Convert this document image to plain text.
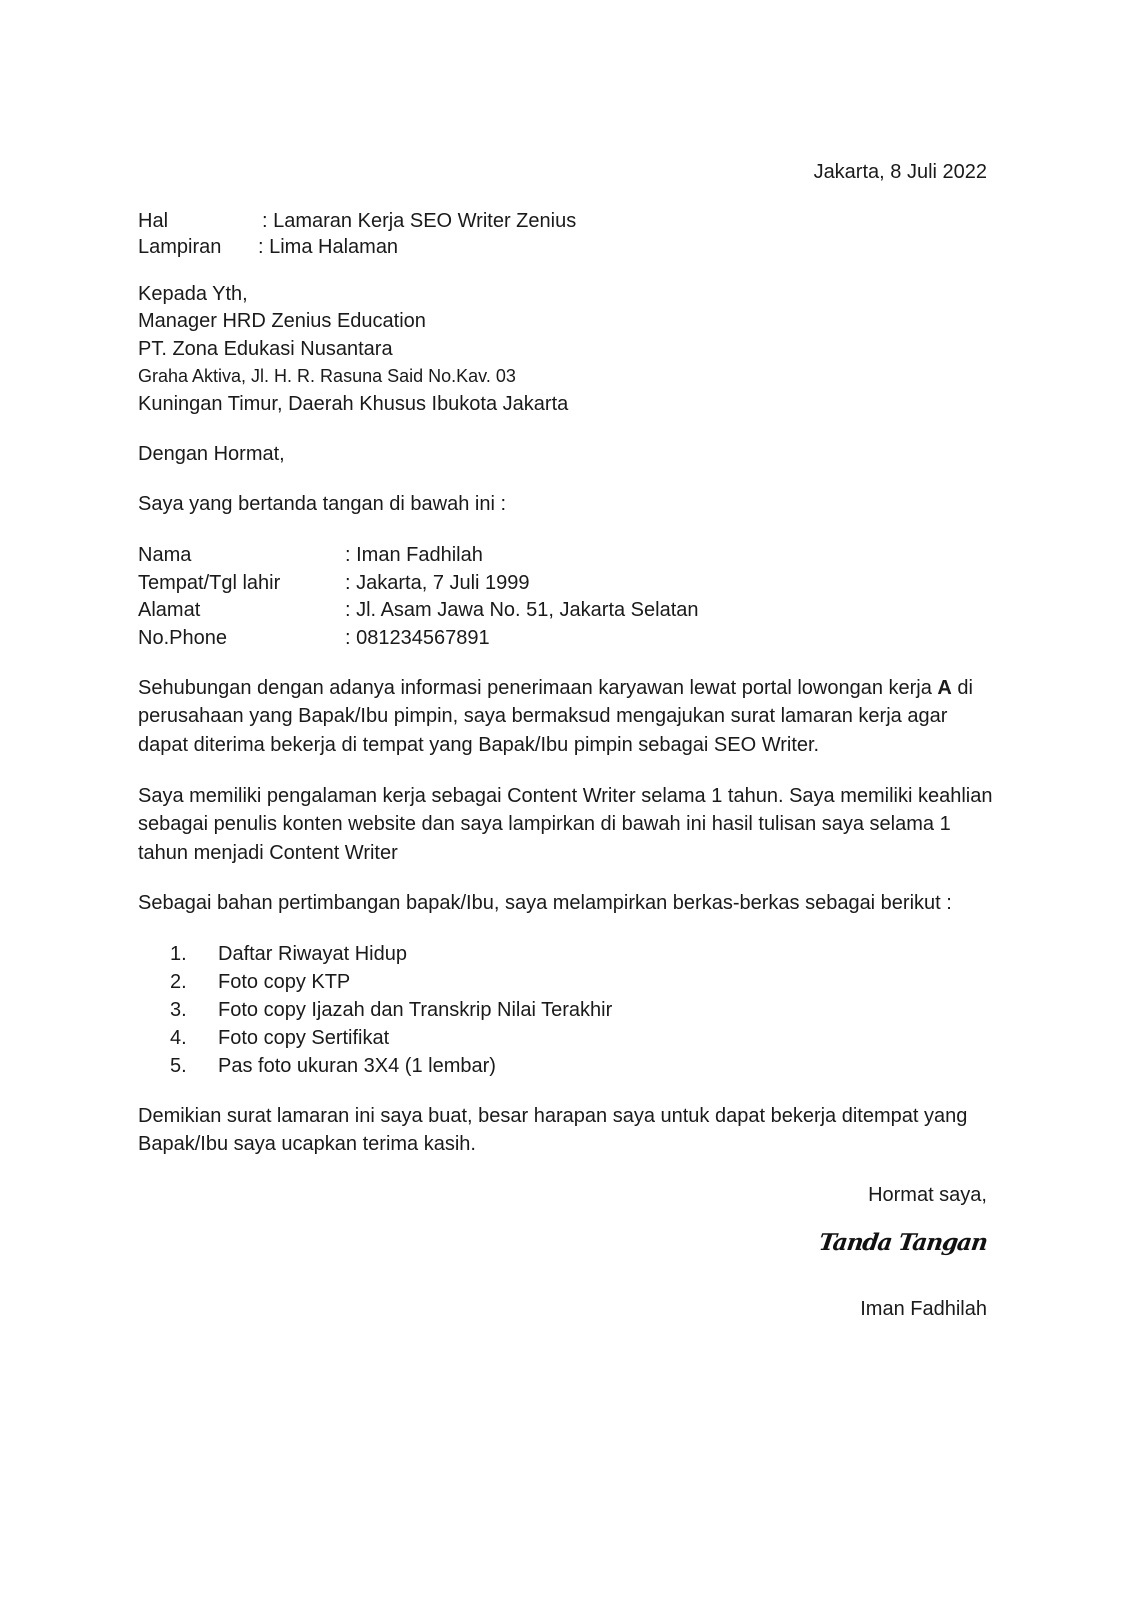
Jakarta, 8 Juli 2022
Hal	: Lamaran Kerja SEO Writer Zenius
Lampiran	: Lima Halaman
Kepada Yth,
Manager HRD Zenius Education
PT. Zona Edukasi Nusantara
Graha Aktiva, Jl. H. R. Rasuna Said No.Kav. 03
Kuningan Timur, Daerah Khusus Ibukota Jakarta
Dengan Hormat,
Saya yang bertanda tangan di bawah ini :
Nama	: Iman Fadhilah
Tempat/Tgl lahir	: Jakarta, 7 Juli 1999
Alamat	: Jl. Asam Jawa No. 51, Jakarta Selatan
No.Phone	: 081234567891
Sehubungan dengan adanya informasi penerimaan karyawan lewat portal lowongan kerja A di perusahaan yang Bapak/Ibu pimpin, saya bermaksud mengajukan surat lamaran kerja agar dapat diterima bekerja di tempat yang Bapak/Ibu pimpin sebagai SEO Writer.
Saya memiliki pengalaman kerja sebagai Content Writer selama 1 tahun. Saya memiliki keahlian sebagai penulis konten website dan saya lampirkan di bawah ini hasil tulisan saya selama 1 tahun menjadi Content Writer
Sebagai bahan pertimbangan bapak/Ibu, saya melampirkan berkas-berkas sebagai berikut :
1.	Daftar Riwayat Hidup
2.	Foto copy KTP
3.	Foto copy Ijazah dan Transkrip Nilai Terakhir
4.	Foto copy Sertifikat
5.	Pas foto ukuran 3X4 (1 lembar)
Demikian surat lamaran ini saya buat, besar harapan saya untuk dapat bekerja ditempat yang Bapak/Ibu saya ucapkan terima kasih.
Hormat saya,
Tanda Tangan
Iman Fadhilah
